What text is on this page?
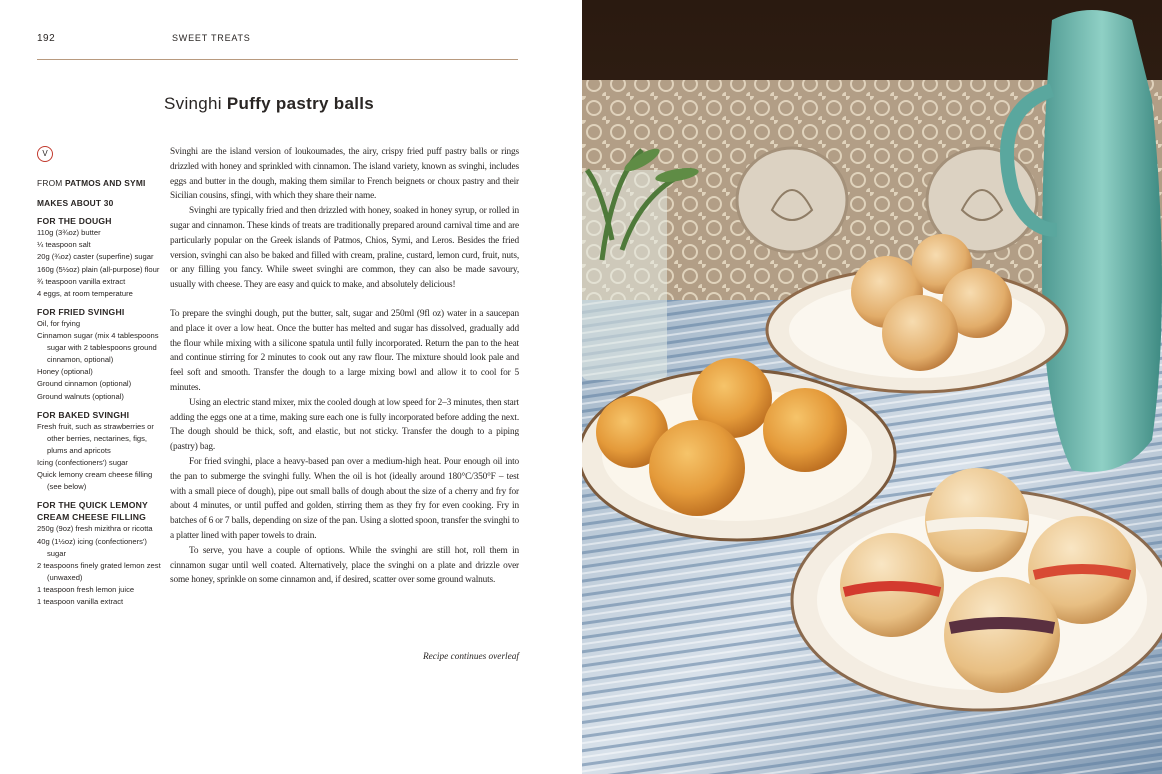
192	SWEET TREATS
Svinghi Puffy pastry balls
V
FROM PATMOS AND SYMI
MAKES ABOUT 30
FOR THE DOUGH
110g (3¾oz) butter
¼ teaspoon salt
20g (¾oz) caster (superfine) sugar
160g (5½oz) plain (all-purpose) flour
¾ teaspoon vanilla extract
4 eggs, at room temperature
FOR FRIED SVINGHI
Oil, for frying
Cinnamon sugar (mix 4 tablespoons sugar with 2 tablespoons ground cinnamon, optional)
Honey (optional)
Ground cinnamon (optional)
Ground walnuts (optional)
FOR BAKED SVINGHI
Fresh fruit, such as strawberries or other berries, nectarines, figs, plums and apricots
Icing (confectioners') sugar
Quick lemony cream cheese filling (see below)
FOR THE QUICK LEMONY CREAM CHEESE FILLING
250g (9oz) fresh mizithra or ricotta
40g (1½oz) icing (confectioners') sugar
2 teaspoons finely grated lemon zest (unwaxed)
1 teaspoon fresh lemon juice
1 teaspoon vanilla extract

Svinghi are the island version of loukoumades, the airy, crispy fried puff pastry balls or rings drizzled with honey and sprinkled with cinnamon. The island variety, known as svinghi, includes eggs and butter in the dough, making them similar to French beignets or choux pastry and their Sicilian cousins, sfingi, with which they share their name.

Svinghi are typically fried and then drizzled with honey, soaked in honey syrup, or rolled in sugar and cinnamon. These kinds of treats are traditionally prepared around carnival time and are particularly popular on the Greek islands of Patmos, Chios, Symi, and Leros. Besides the fried version, svinghi can also be baked and filled with cream, praline, custard, lemon curd, fruit, nuts, or any filling you fancy. While sweet svinghi are common, they can also be made savoury, usually with cheese. They are easy and quick to make, and absolutely delicious!

To prepare the svinghi dough, put the butter, salt, sugar and 250ml (9fl oz) water in a saucepan and place it over a low heat. Once the butter has melted and sugar has dissolved, gradually add the flour while mixing with a silicone spatula until fully incorporated. Return the pan to the heat and continue stirring for 2 minutes to cook out any raw flour. The mixture should look pale and feel soft and smooth. Transfer the dough to a large mixing bowl and allow it to cool for 5 minutes.

Using an electric stand mixer, mix the cooled dough at low speed for 2–3 minutes, then start adding the eggs one at a time, making sure each one is fully incorporated before adding the next. The dough should be thick, soft, and elastic, but not sticky. Transfer the dough to a piping (pastry) bag.

For fried svinghi, place a heavy-based pan over a medium-high heat. Pour enough oil into the pan to submerge the svinghi fully. When the oil is hot (ideally around 180°C/350°F – test with a small piece of dough), pipe out small balls of dough about the size of a cherry and fry for about 4 minutes, or until puffed and golden, stirring them as they fry for even cooking. Fry in batches of 6 or 7 balls, depending on size of the pan. Using a slotted spoon, transfer the svinghi to a platter lined with paper towels to drain.

To serve, you have a couple of options. While the svinghi are still hot, roll them in cinnamon sugar until well coated. Alternatively, place the svinghi on a plate and drizzle over some honey, sprinkle on some cinnamon and, if desired, scatter over some ground walnuts.

Recipe continues overleaf
